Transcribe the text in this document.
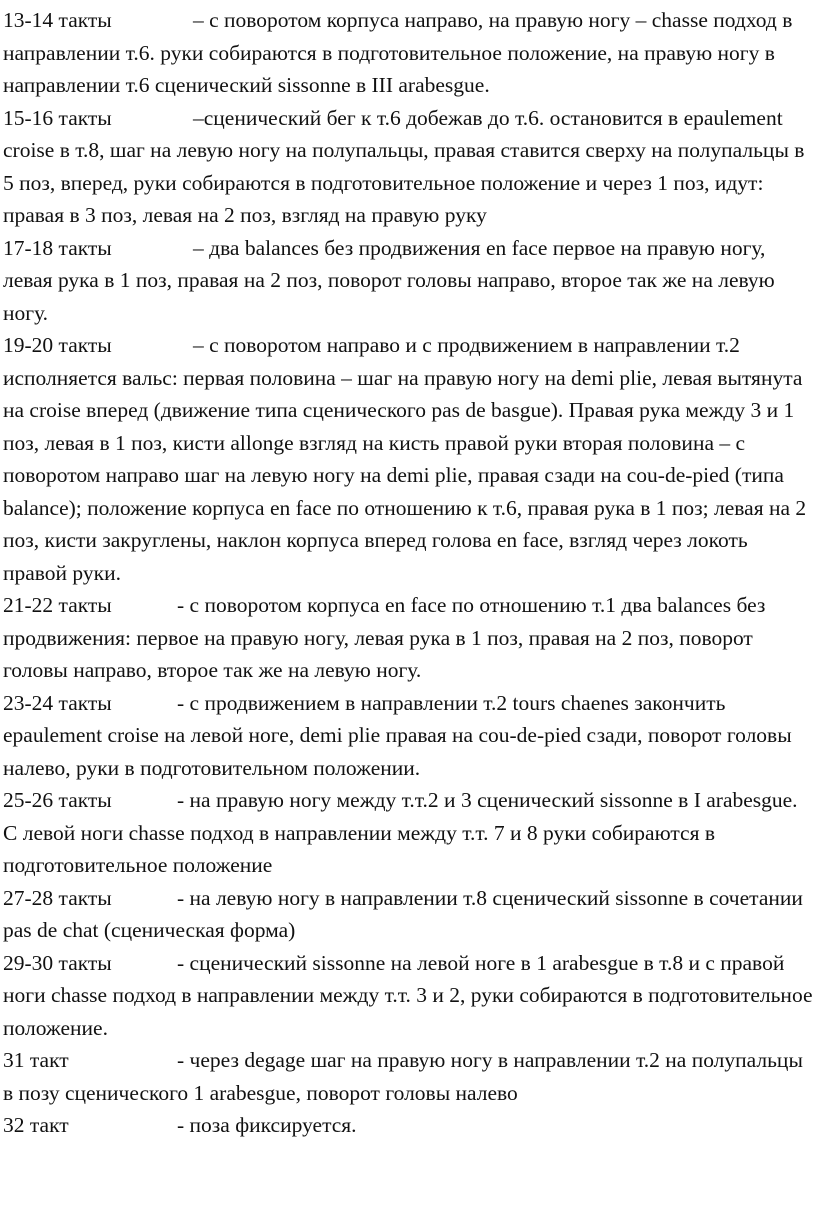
13-14 такты	– с поворотом корпуса направо, на правую ногу – chasse подход в направлении т.6. руки собираются в подготовительное положение, на правую ногу в направлении т.6 сценический sissonne в III arabesgue.

15-16 такты	–сценический бег к т.6 добежав до т.6. остановится в epaulement croise в т.8, шаг на левую ногу на полупальцы, правая ставится сверху на полупальцы в 5 поз, вперед, руки собираются в подготовительное положение и через 1 поз, идут: правая в 3 поз, левая на 2 поз, взгляд на правую руку

17-18 такты	– два balances без продвижения en face первое на правую ногу, левая рука в 1 поз, правая на 2 поз, поворот головы направо, второе так же на левую ногу.

19-20 такты	– с поворотом направо и с продвижением в направлении т.2 исполняется вальс: первая половина – шаг на правую ногу на demi plie, левая вытянута на croise вперед (движение типа сценического pas de basgue). Правая рука между 3 и 1 поз, левая в 1 поз, кисти allonge взгляд на кисть правой руки вторая половина – с поворотом направо шаг на левую ногу на demi plie, правая сзади на cou-de-pied (типа balance); положение корпуса en face по отношению к т.6, правая рука в 1 поз; левая на 2 поз, кисти закруглены, наклон корпуса вперед голова en face, взгляд через локоть правой руки.

21-22 такты	- с поворотом корпуса en face по отношению т.1 два balances без продвижения: первое на правую ногу, левая рука в 1 поз, правая на 2 поз, поворот головы направо, второе так же на левую ногу.

23-24 такты	- с продвижением в направлении т.2 tours chaenes закончить epaulement croise на левой ноге, demi plie правая на cou-de-pied сзади, поворот головы налево, руки в подготовительном положении.

25-26 такты	- на правую ногу между т.т.2 и 3 сценический sissonne в I arabesgue. С левой ноги chasse подход в направлении между т.т. 7 и 8 руки собираются в подготовительное положение

27-28 такты	- на левую ногу в направлении т.8 сценический sissonne в сочетании pas de chat (сценическая форма)

29-30 такты	- сценический sissonne на левой ноге в 1 arabesgue в т.8 и с правой ноги chasse подход в направлении между т.т. 3 и 2, руки собираются в подготовительное положение.

31 такт	- через degage шаг на правую ногу в направлении т.2 на полупальцы в позу сценического 1 arabesgue, поворот головы налево

32 такт	- поза фиксируется.
